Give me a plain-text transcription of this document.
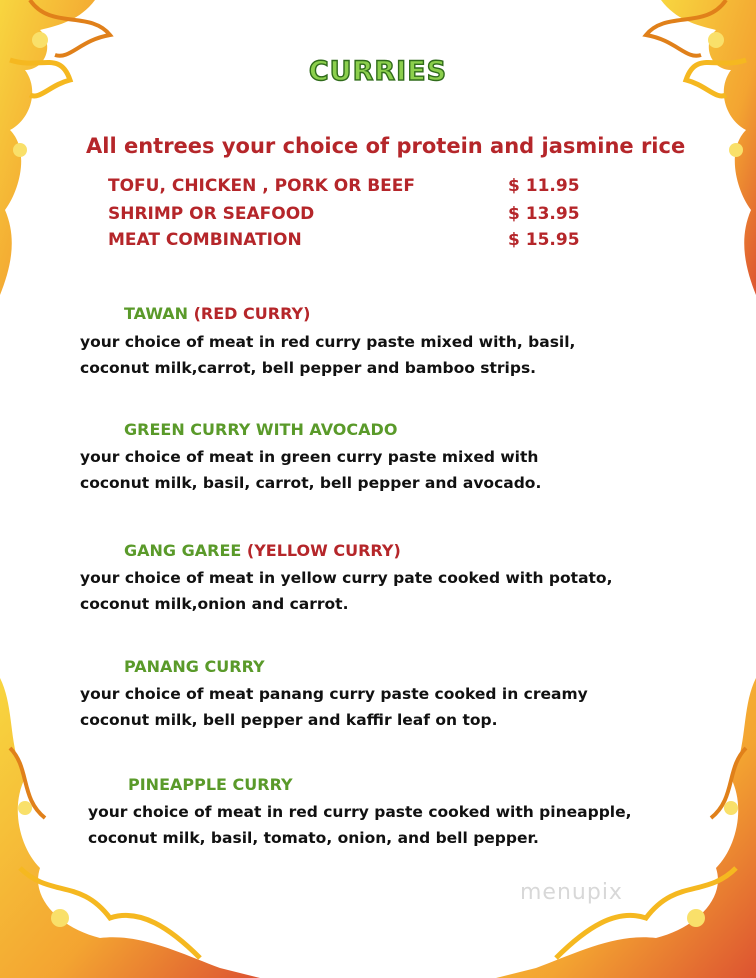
CURRIES
All entrees your choice of protein and jasmine rice
TOFU, CHICKEN , PORK OR BEEF	$ 11.95
SHRIMP OR SEAFOOD	$ 13.95
MEAT COMBINATION	$ 15.95
TAWAN (RED CURRY)
your choice of meat in red curry paste mixed with, basil,
coconut milk,carrot, bell pepper and bamboo strips.
GREEN CURRY WITH AVOCADO
your choice of meat in green curry paste mixed with
coconut milk, basil, carrot, bell pepper and avocado.
GANG GAREE (YELLOW CURRY)
your choice of meat in yellow curry pate cooked with potato,
coconut milk,onion and carrot.
PANANG CURRY
your choice of meat panang curry paste cooked in creamy
coconut milk, bell pepper and kaffir leaf on top.
PINEAPPLE CURRY
your choice of meat in red curry paste cooked with pineapple,
coconut milk, basil, tomato, onion, and bell pepper.
menupix
